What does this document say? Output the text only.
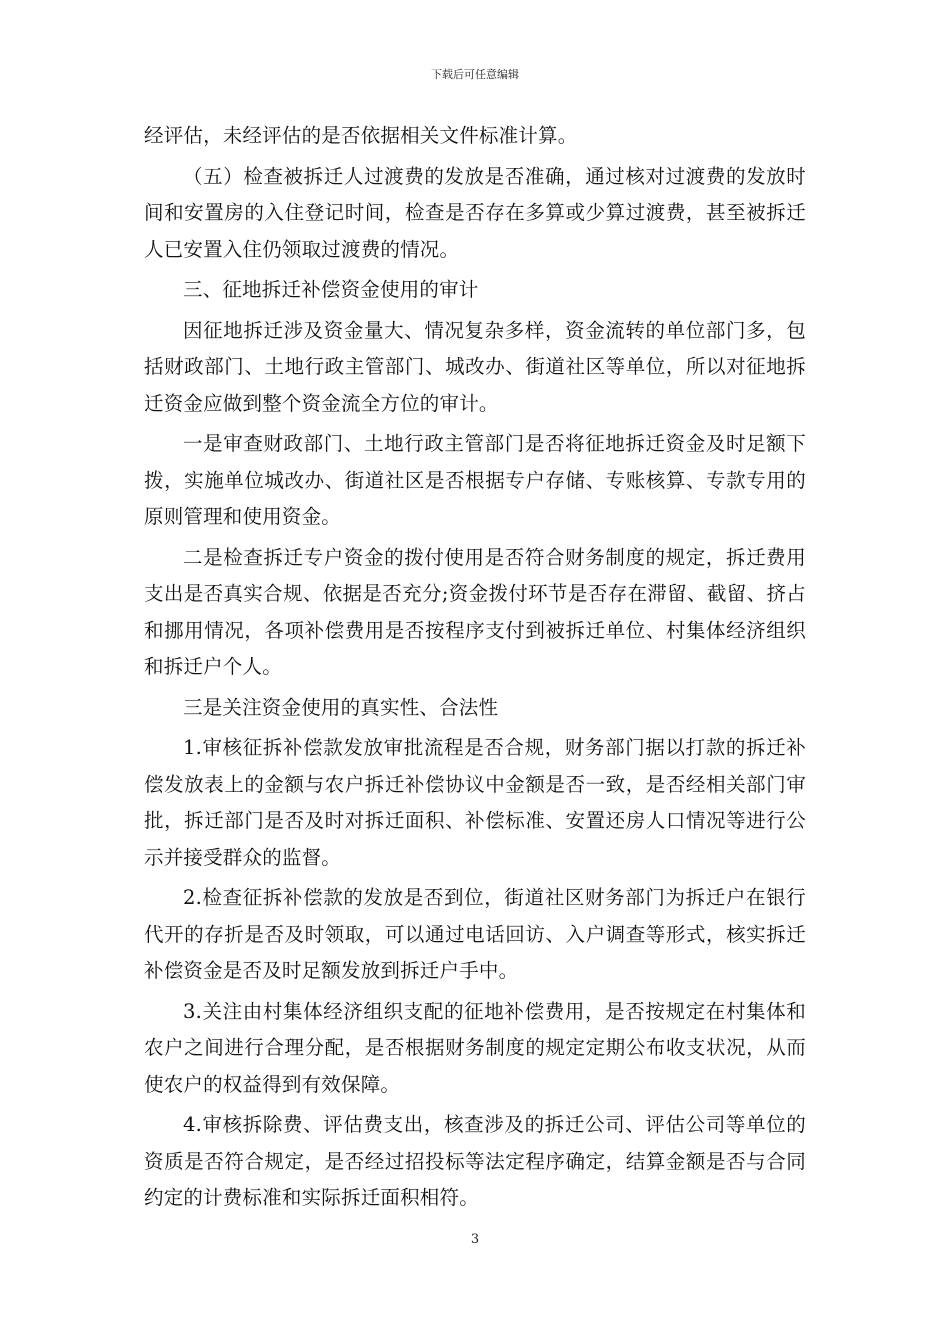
下载后可任意编辑

经评估，未经评估的是否依据相关文件标准计算。

（五）检查被拆迁人过渡费的发放是否准确，通过核对过渡费的发放时间和安置房的入住登记时间，检查是否存在多算或少算过渡费，甚至被拆迁人已安置入住仍领取过渡费的情况。

三、征地拆迁补偿资金使用的审计

因征地拆迁涉及资金量大、情况复杂多样，资金流转的单位部门多，包括财政部门、土地行政主管部门、城改办、街道社区等单位，所以对征地拆迁资金应做到整个资金流全方位的审计。

一是审查财政部门、土地行政主管部门是否将征地拆迁资金及时足额下拨，实施单位城改办、街道社区是否根据专户存储、专账核算、专款专用的原则管理和使用资金。

二是检查拆迁专户资金的拨付使用是否符合财务制度的规定，拆迁费用支出是否真实合规、依据是否充分;资金拨付环节是否存在滞留、截留、挤占和挪用情况，各项补偿费用是否按程序支付到被拆迁单位、村集体经济组织和拆迁户个人。

三是关注资金使用的真实性、合法性

1.审核征拆补偿款发放审批流程是否合规，财务部门据以打款的拆迁补偿发放表上的金额与农户拆迁补偿协议中金额是否一致，是否经相关部门审批，拆迁部门是否及时对拆迁面积、补偿标准、安置还房人口情况等进行公示并接受群众的监督。

2.检查征拆补偿款的发放是否到位，街道社区财务部门为拆迁户在银行代开的存折是否及时领取，可以通过电话回访、入户调查等形式，核实拆迁补偿资金是否及时足额发放到拆迁户手中。

3.关注由村集体经济组织支配的征地补偿费用，是否按规定在村集体和农户之间进行合理分配，是否根据财务制度的规定定期公布收支状况，从而使农户的权益得到有效保障。

4.审核拆除费、评估费支出，核查涉及的拆迁公司、评估公司等单位的资质是否符合规定，是否经过招投标等法定程序确定，结算金额是否与合同约定的计费标准和实际拆迁面积相符。

3
